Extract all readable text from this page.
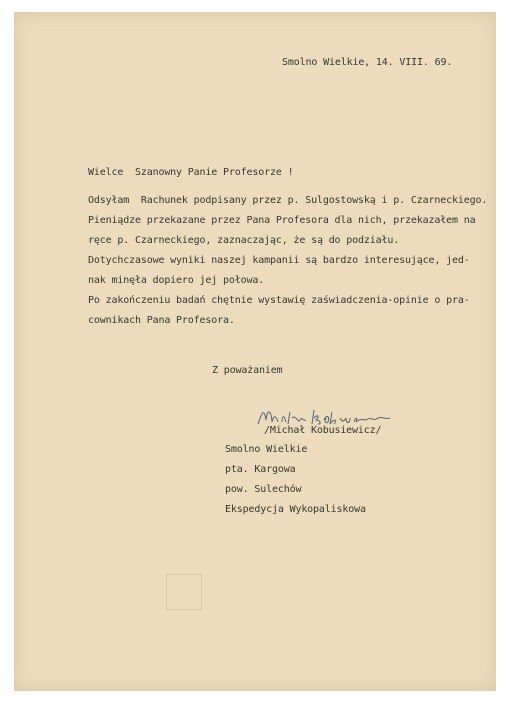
Smolno Wielkie, 14. VIII. 69.
Wielce  Szanowny Panie Profesorze !
Odsyłam  Rachunek podpisany przez p. Sulgostowską i p. Czarneckiego.
Pieniądze przekazane przez Pana Profesora dla nich, przekazałem na
ręce p. Czarneckiego, zaznaczając, że są do podziału.
Dotychczasowe wyniki naszej kampanii są bardzo interesujące, jed-
nak minęła dopiero jej połowa.
Po zakończeniu badań chętnie wystawię zaświadczenia-opinie o pra-
cownikach Pana Profesora.
Z poważaniem
/Michał Kobusiewicz/
Smolno Wielkie
pta. Kargowa
pow. Sulechów
Ekspedycja Wykopaliskowa
